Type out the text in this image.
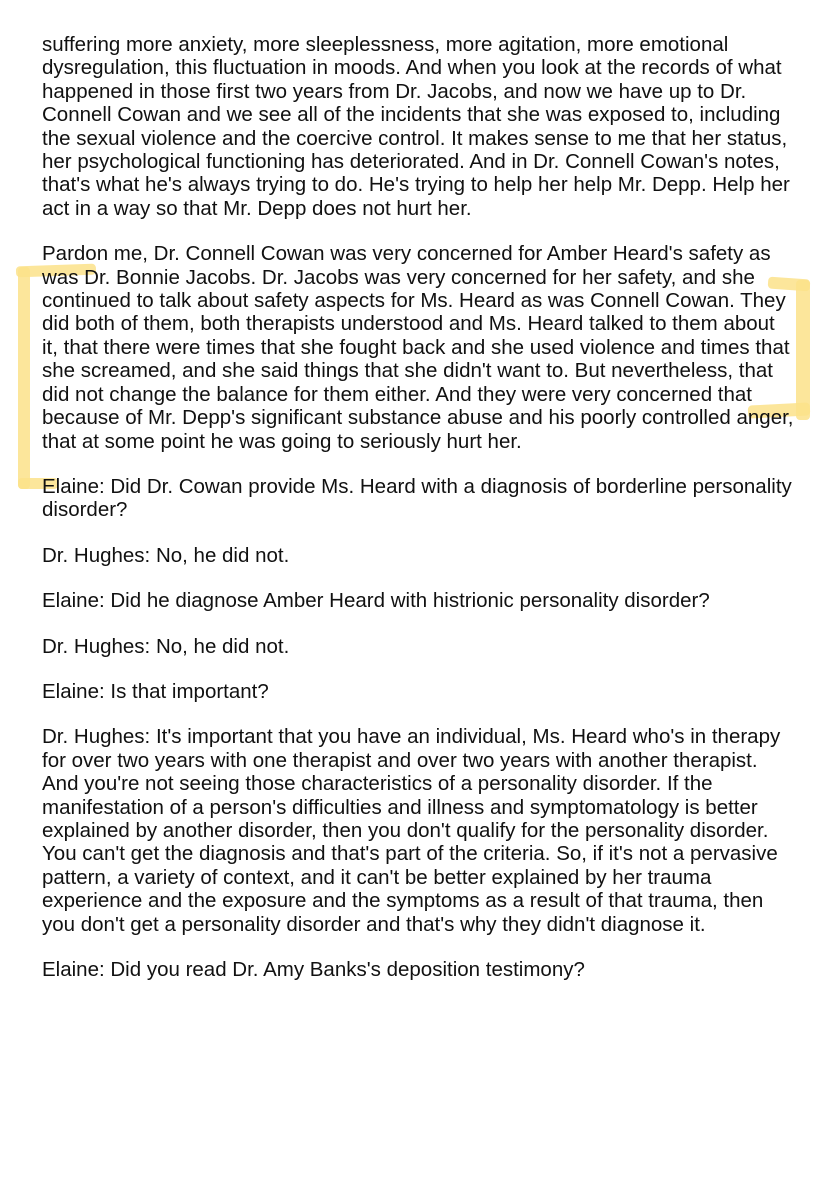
suffering more anxiety, more sleeplessness, more agitation, more emotional dysregulation, this fluctuation in moods. And when you look at the records of what happened in those first two years from Dr. Jacobs, and now we have up to Dr. Connell Cowan and we see all of the incidents that she was exposed to, including the sexual violence and the coercive control. It makes sense to me that her status, her psychological functioning has deteriorated. And in Dr. Connell Cowan's notes, that's what he's always trying to do. He's trying to help her help Mr. Depp. Help her act in a way so that Mr. Depp does not hurt her.

Pardon me, Dr. Connell Cowan was very concerned for Amber Heard's safety as was Dr. Bonnie Jacobs. Dr. Jacobs was very concerned for her safety, and she continued to talk about safety aspects for Ms. Heard as was Connell Cowan. They did both of them, both therapists understood and Ms. Heard talked to them about it, that there were times that she fought back and she used violence and times that she screamed, and she said things that she didn't want to. But nevertheless, that did not change the balance for them either. And they were very concerned that because of Mr. Depp's significant substance abuse and his poorly controlled anger, that at some point he was going to seriously hurt her.

Elaine: Did Dr. Cowan provide Ms. Heard with a diagnosis of borderline personality disorder?

Dr. Hughes: No, he did not.

Elaine: Did he diagnose Amber Heard with histrionic personality disorder?

Dr. Hughes: No, he did not.

Elaine: Is that important?

Dr. Hughes: It's important that you have an individual, Ms. Heard who's in therapy for over two years with one therapist and over two years with another therapist. And you're not seeing those characteristics of a personality disorder. If the manifestation of a person's difficulties and illness and symptomatology is better explained by another disorder, then you don't qualify for the personality disorder. You can't get the diagnosis and that's part of the criteria. So, if it's not a pervasive pattern, a variety of context, and it can't be better explained by her trauma experience and the exposure and the symptoms as a result of that trauma, then you don't get a personality disorder and that's why they didn't diagnose it.

Elaine: Did you read Dr. Amy Banks's deposition testimony?
